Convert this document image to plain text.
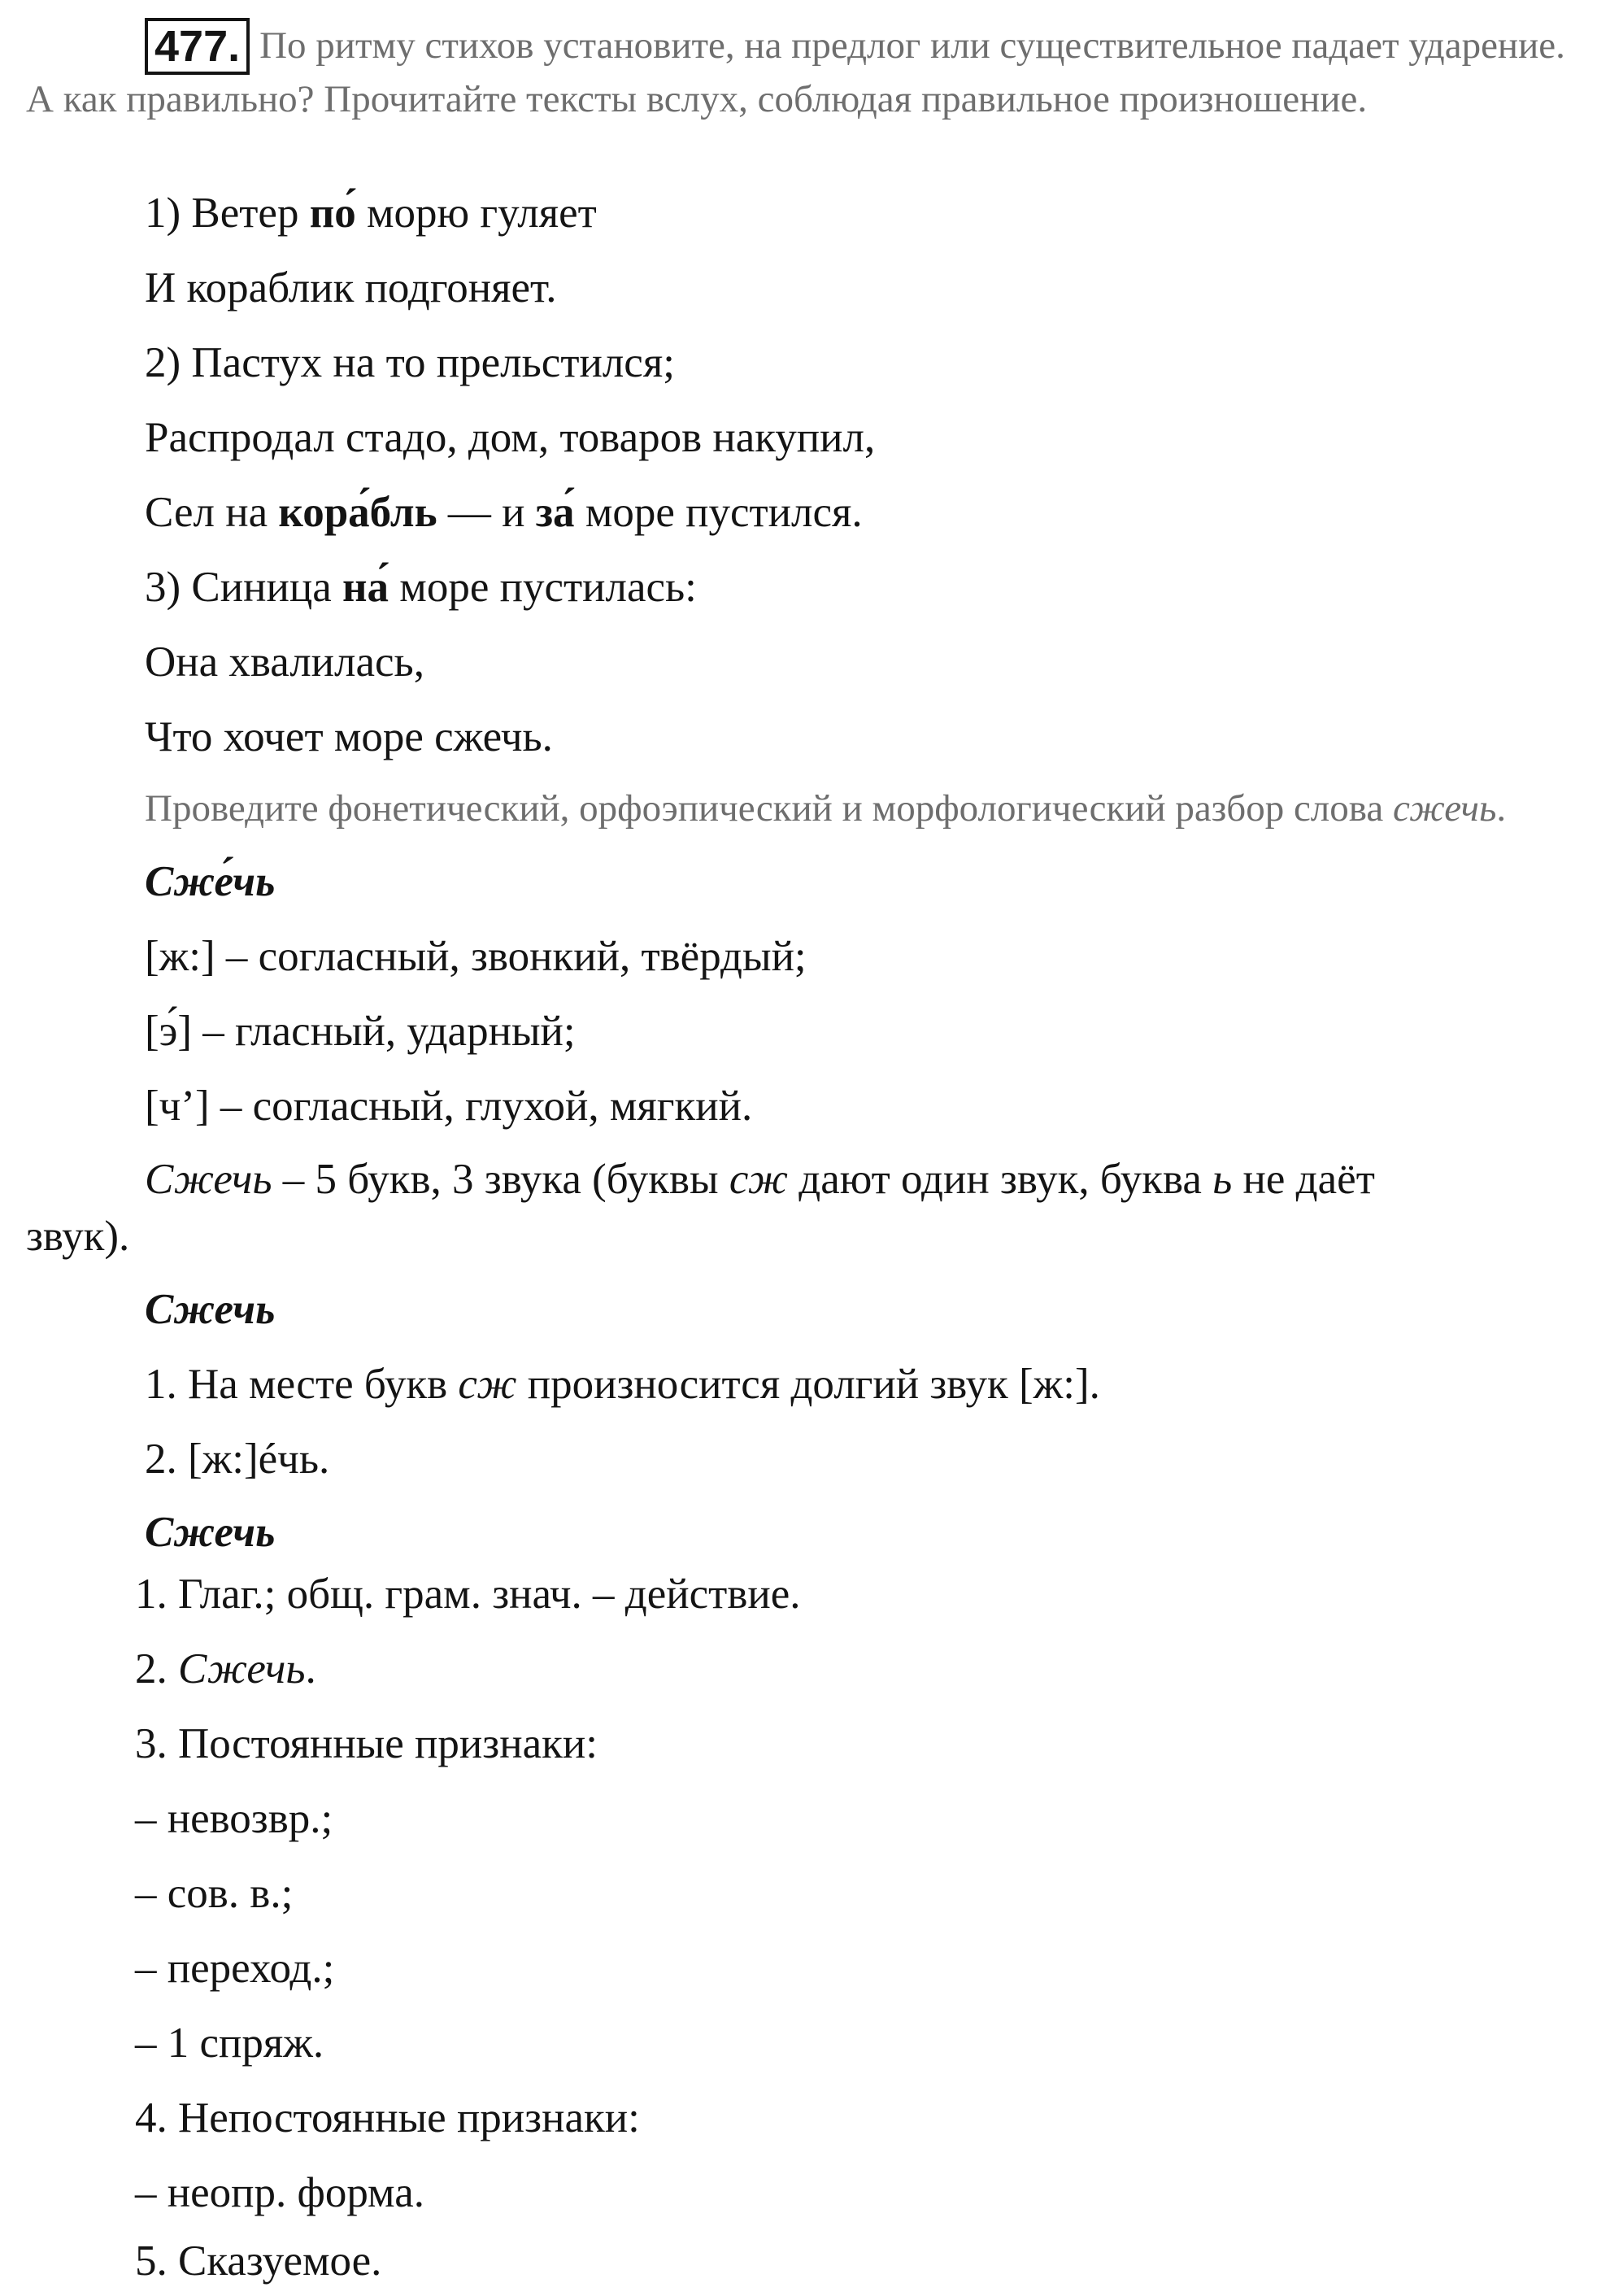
477. По ритму стихов установите, на предлог или существительное падает ударение. А как правильно? Прочитайте тексты вслух, соблюдая правильное произношение.
1) Ветер по́ морю гуляет
И кораблик подгоняет.
2) Пастух на то прельстился;
Распродал стадо, дом, товаров накупил,
Сел на кора́бль — и за́ море пустился.
3) Синица на́ море пустилась:
Она хвалилась,
Что хочет море сжечь.
Проведите фонетический, орфоэпический и морфологический разбор слова сжечь.
Сже́чь
[ж:] – согласный, звонкий, твёрдый;
[э́] – гласный, ударный;
[ч’] – согласный, глухой, мягкий.
Сжечь – 5 букв, 3 звука (буквы сж дают один звук, буква ь не даёт
звук).
Сжечь
1. На месте букв сж произносится долгий звук [ж:].
2. [ж:]éчь.
Сжечь
1. Глаг.; общ. грам. знач. – действие.
2. Сжечь.
3. Постоянные признаки:
– невозвр.;
– сов. в.;
– переход.;
– 1 спряж.
4. Непостоянные признаки:
– неопр. форма.
5. Сказуемое.
